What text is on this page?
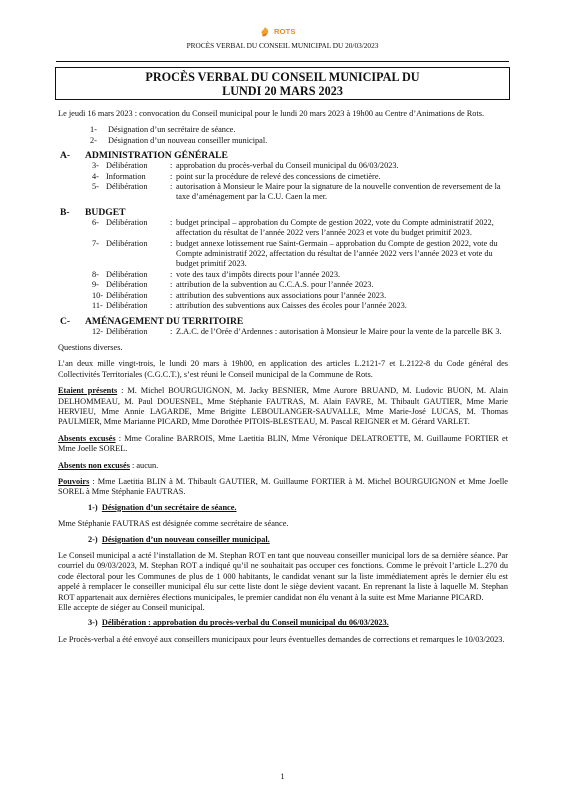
ROTS
PROCÈS VERBAL DU CONSEIL MUNICIPAL DU 20/03/2023
PROCÈS VERBAL DU CONSEIL MUNICIPAL DU
LUNDI 20 MARS 2023

Le jeudi 16 mars 2023 : convocation du Conseil municipal pour le lundi 20 mars 2023 à 19h00 au Centre d’Animations de Rots.

1-	Désignation d’un secrétaire de séance.
2-	Désignation d’un nouveau conseiller municipal.
A-	ADMINISTRATION GÉNÉRALE
3- Délibération	: approbation du procès-verbal du Conseil municipal du 06/03/2023.
4- Information	: point sur la procédure de relevé des concessions de cimetière.
5- Délibération	: autorisation à Monsieur le Maire pour la signature de la nouvelle convention de reversement de la taxe d’aménagement par la C.U. Caen la mer.
B-	BUDGET
6- Délibération	: budget principal – approbation du Compte de gestion 2022, vote du Compte administratif 2022, affectation du résultat de l’année 2022 vers l’année 2023 et vote du budget primitif 2023.
7- Délibération	: budget annexe lotissement rue Saint-Germain – approbation du Compte de gestion 2022, vote du Compte administratif 2022, affectation du résultat de l’année 2022 vers l’année 2023 et vote du budget primitif 2023.
8- Délibération	: vote des taux d’impôts directs pour l’année 2023.
9- Délibération	: attribution de la subvention au C.C.A.S. pour l’année 2023.
10- Délibération	: attribution des subventions aux associations pour l’année 2023.
11- Délibération	: attribution des subventions aux Caisses des écoles pour l’année 2023.
C-	AMÉNAGEMENT DU TERRITOIRE
12- Délibération	: Z.A.C. de l’Orée d’Ardennes : autorisation à Monsieur le Maire pour la vente de la parcelle BK 3.

Questions diverses.

L’an deux mille vingt-trois, le lundi 20 mars à 19h00, en application des articles L.2121-7 et L.2122-8 du Code général des Collectivités Territoriales (C.G.C.T.), s’est réuni le Conseil municipal de la Commune de Rots.

Etaient présents : M. Michel BOURGUIGNON, M. Jacky BESNIER, Mme Aurore BRUAND, M. Ludovic BUON, M. Alain DELHOMMEAU, M. Paul DOUESNEL, Mme Stéphanie FAUTRAS, M. Alain FAVRE, M. Thibault GAUTIER, Mme Marie HERVIEU, Mme Annie LAGARDE, Mme Brigitte LEBOULANGER-SAUVALLE, Mme Marie-José LUCAS, M. Thomas PAULMIER, Mme Marianne PICARD, Mme Dorothée PITOIS-BLESTEAU, M. Pascal REIGNER et M. Gérard VARLET.

Absents excusés : Mme Coraline BARROIS, Mme Laetitia BLIN, Mme Véronique DELATROETTE, M. Guillaume FORTIER et Mme Joelle SOREL.

Absents non excusés : aucun.

Pouvoirs : Mme Laetitia BLIN à M. Thibault GAUTIER, M. Guillaume FORTIER à M. Michel BOURGUIGNON et Mme Joelle SOREL à Mme Stéphanie FAUTRAS.

1-) Désignation d’un secrétaire de séance.

Mme Stéphanie FAUTRAS est désignée comme secrétaire de séance.

2-) Désignation d’un nouveau conseiller municipal.

Le Conseil municipal a acté l’installation de M. Stephan ROT en tant que nouveau conseiller municipal lors de sa dernière séance. Par courriel du 09/03/2023, M. Stephan ROT a indiqué qu’il ne souhaitait pas occuper ces fonctions. Comme le prévoit l’article L.270 du code électoral pour les Communes de plus de 1 000 habitants, le candidat venant sur la liste immédiatement après le dernier élu est appelé à remplacer le conseiller municipal élu sur cette liste dont le siège devient vacant. En reprenant la liste à laquelle M. Stephan ROT appartenait aux dernières élections municipales, le premier candidat non élu venant à la suite est Mme Marianne PICARD.

Elle accepte de siéger au Conseil municipal.

3-) Délibération : approbation du procès-verbal du Conseil municipal du 06/03/2023.

Le Procès-verbal a été envoyé aux conseillers municipaux pour leurs éventuelles demandes de corrections et remarques le 10/03/2023.

1
